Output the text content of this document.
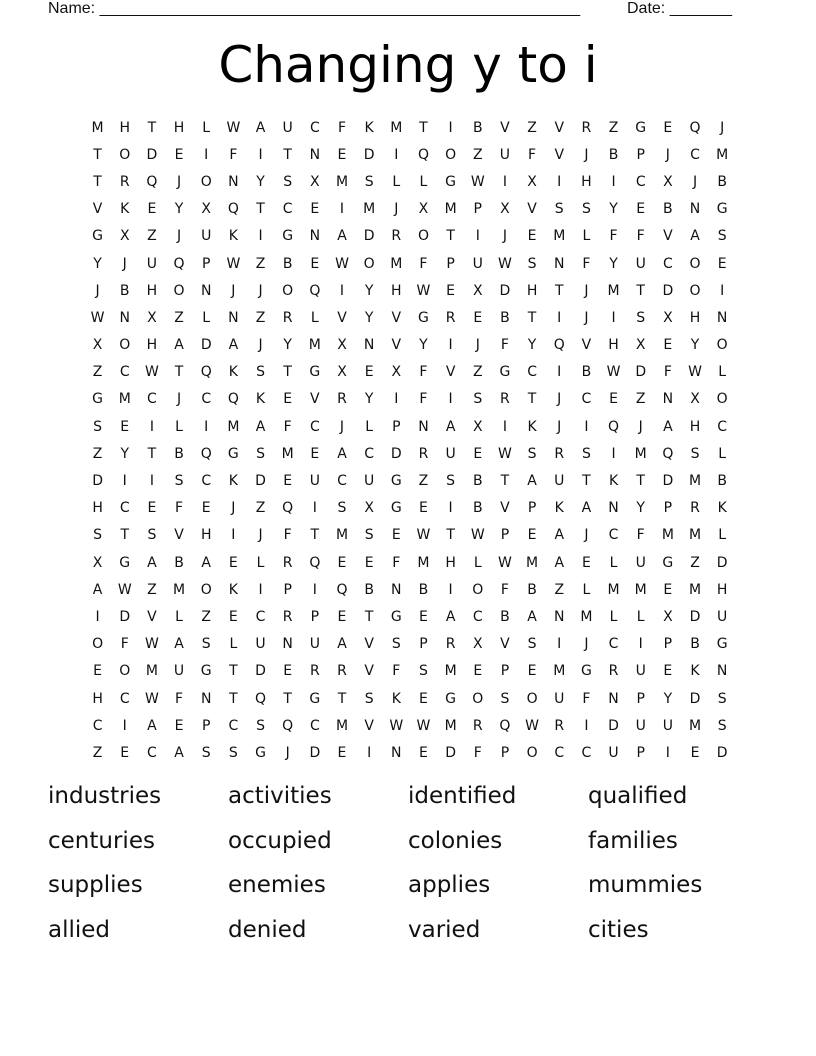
Name: ______________________________________________________	Date: _______
Changing y to i
M	H	T	H	L	W	A	U	C	F	K	M	T	I	B	V	Z	V	R	Z	G	E	Q	J
T	O	D	E	I	F	I	T	N	E	D	I	Q	O	Z	U	F	V	J	B	P	J	C	M
T	R	Q	J	O	N	Y	S	X	M	S	L	L	G	W	I	X	I	H	I	C	X	J	B
V	K	E	Y	X	Q	T	C	E	I	M	J	X	M	P	X	V	S	S	Y	E	B	N	G
G	X	Z	J	U	K	I	G	N	A	D	R	O	T	I	J	E	M	L	F	F	V	A	S
Y	J	U	Q	P	W	Z	B	E	W	O	M	F	P	U	W	S	N	F	Y	U	C	O	E
J	B	H	O	N	J	J	O	Q	I	Y	H	W	E	X	D	H	T	J	M	T	D	O	I
W	N	X	Z	L	N	Z	R	L	V	Y	V	G	R	E	B	T	I	J	I	S	X	H	N
X	O	H	A	D	A	J	Y	M	X	N	V	Y	I	J	F	Y	Q	V	H	X	E	Y	O
Z	C	W	T	Q	K	S	T	G	X	E	X	F	V	Z	G	C	I	B	W	D	F	W	L
G	M	C	J	C	Q	K	E	V	R	Y	I	F	I	S	R	T	J	C	E	Z	N	X	O
S	E	I	L	I	M	A	F	C	J	L	P	N	A	X	I	K	J	I	Q	J	A	H	C
Z	Y	T	B	Q	G	S	M	E	A	C	D	R	U	E	W	S	R	S	I	M	Q	S	L
D	I	I	S	C	K	D	E	U	C	U	G	Z	S	B	T	A	U	T	K	T	D	M	B
H	C	E	F	E	J	Z	Q	I	S	X	G	E	I	B	V	P	K	A	N	Y	P	R	K
S	T	S	V	H	I	J	F	T	M	S	E	W	T	W	P	E	A	J	C	F	M	M	L
X	G	A	B	A	E	L	R	Q	E	E	F	M	H	L	W	M	A	E	L	U	G	Z	D
A	W	Z	M	O	K	I	P	I	Q	B	N	B	I	O	F	B	Z	L	M	M	E	M	H
I	D	V	L	Z	E	C	R	P	E	T	G	E	A	C	B	A	N	M	L	L	X	D	U
O	F	W	A	S	L	U	N	U	A	V	S	P	R	X	V	S	I	J	C	I	P	B	G
E	O	M	U	G	T	D	E	R	R	V	F	S	M	E	P	E	M	G	R	U	E	K	N
H	C	W	F	N	T	Q	T	G	T	S	K	E	G	O	S	O	U	F	N	P	Y	D	S
C	I	A	E	P	C	S	Q	C	M	V	W W	M	R	Q	W	R	I	D	U	U	M	S
Z	E	C	A	S	S	G	J	D	E	I	N	E	D	F	P	O	C	C	U	P	I	E	D
industries	activities	identified	qualified
centuries	occupied	colonies	families
supplies	enemies	applies	mummies
allied	denied	varied	cities
